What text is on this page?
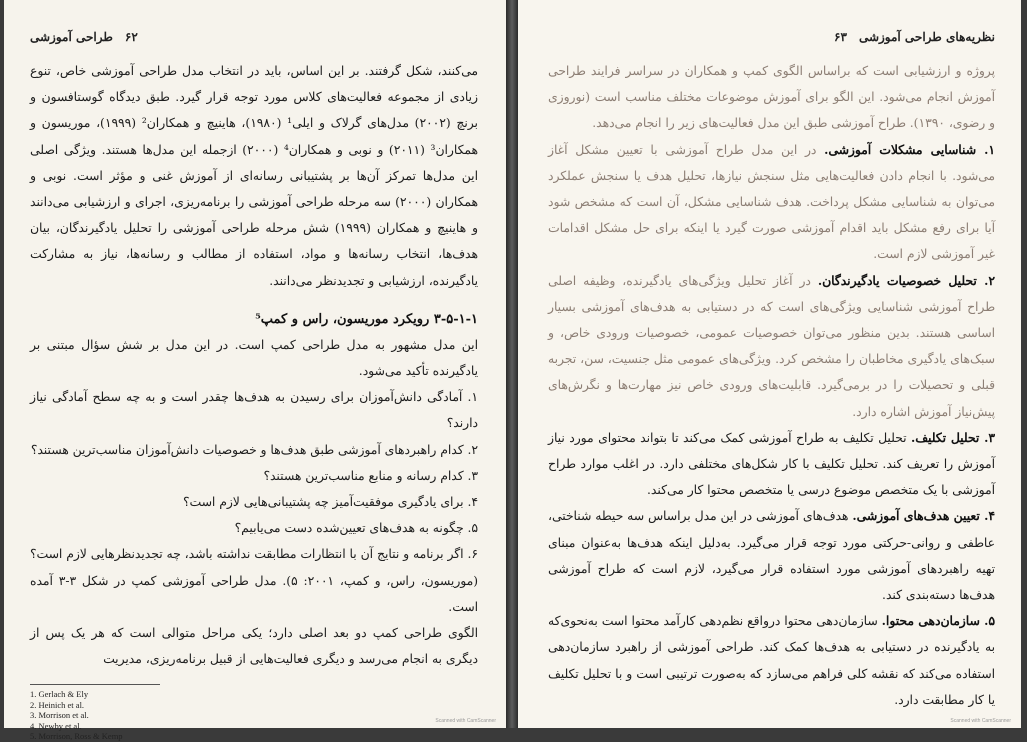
۶۲
طراحی آموزشی

می‌کنند، شکل گرفتند. بر این اساس، باید در انتخاب مدل طراحی آموزشی خاص، تنوع زیادی از مجموعه فعالیت‌های کلاس مورد توجه قرار گیرد. طبق دیدگاه گوستافسون و برنچ (۲۰۰۲) مدل‌های گرلاک و ایلی¹ (۱۹۸۰)، هاینیچ و همکاران² (۱۹۹۹)، موریسون و همکاران³ (۲۰۱۱) و نوبی و همکاران⁴ (۲۰۰۰) ازجمله این مدل‌ها هستند. ویژگی اصلی این مدل‌ها تمرکز آن‌ها بر پشتیبانی رسانه‌ای از آموزش غنی و مؤثر است. نوبی و همکاران (۲۰۰۰) سه مرحله طراحی آموزشی را برنامه‌ریزی، اجرای و ارزشیابی می‌دانند و هاینیچ و همکاران (۱۹۹۹) شش مرحله طراحی آموزشی را تحلیل یادگیرندگان، بیان هدف‌ها، انتخاب رسانه‌ها و مواد، استفاده از مطالب و رسانه‌ها، نیاز به مشارکت یادگیرنده، ارزشیابی و تجدیدنظر می‌دانند.

۳-۵-۱-۱ رویکرد موریسون، راس و کمپ⁵

این مدل مشهور به مدل طراحی کمپ است. در این مدل بر شش سؤال مبتنی بر یادگیرنده تأکید می‌شود.

۱. آمادگی دانش‌آموزان برای رسیدن به هدف‌ها چقدر است و به چه سطح آمادگی نیاز دارند؟
۲. کدام راهبردهای آموزشی طبق هدف‌ها و خصوصیات دانش‌آموزان مناسب‌ترین هستند؟
۳. کدام رسانه و منابع مناسب‌ترین هستند؟
۴. برای یادگیری موفقیت‌آمیز چه پشتیبانی‌هایی لازم است؟
۵. چگونه به هدف‌های تعیین‌شده دست می‌یابیم؟
۶. اگر برنامه و نتایج آن با انتظارات مطابقت نداشته باشد، چه تجدیدنظرهایی لازم است؟ (موریسون، راس، و کمپ، ۲۰۰۱: ۵). مدل طراحی آموزشی کمپ در شکل ۳-۳ آمده است.

الگوی طراحی کمپ دو بعد اصلی دارد؛ یکی مراحل متوالی است که هر یک پس از دیگری به انجام می‌رسد و دیگری فعالیت‌هایی از قبیل برنامه‌ریزی، مدیریت

1. Gerlach & Ely
2. Heinich et al.
3. Morrison et al.
4. Newby et al.
5. Morrison, Ross & Kemp
Scanned with CamScanner
نظریه‌های طراحی آموزشی
۶۳

پروژه و ارزشیابی است که براساس الگوی کمپ و همکاران در سراسر فرایند طراحی آموزش انجام می‌شود. این الگو برای آموزش موضوعات مختلف مناسب است (نوروزی و رضوی، ۱۳۹۰). طراح آموزشی طبق این مدل فعالیت‌های زیر را انجام می‌دهد.

۱. شناسایی مشکلات آموزشی. در این مدل طراح آموزشی با تعیین مشکل آغاز می‌شود. با انجام دادن فعالیت‌هایی مثل سنجش نیازها، تحلیل هدف یا سنجش عملکرد می‌توان به شناسایی مشکل پرداخت. هدف شناسایی مشکل، آن است که مشخص شود آیا برای رفع مشکل باید اقدام آموزشی صورت گیرد یا اینکه برای حل مشکل اقدامات غیر آموزشی لازم است.
۲. تحلیل خصوصیات یادگیرندگان. در آغاز تحلیل ویژگی‌های یادگیرنده، وظیفه اصلی طراح آموزشی شناسایی ویژگی‌های است که در دستیابی به هدف‌های آموزشی بسیار اساسی هستند. بدین منظور می‌توان خصوصیات عمومی، خصوصیات ورودی خاص، و سبک‌های یادگیری مخاطبان را مشخص کرد. ویژگی‌های عمومی مثل جنسیت، سن، تجربه قبلی و تحصیلات را در برمی‌گیرد. قابلیت‌های ورودی خاص نیز مهارت‌ها و نگرش‌های پیش‌نیاز آموزش اشاره دارد.
۳. تحلیل تکلیف. تحلیل تکلیف به طراح آموزشی کمک می‌کند تا بتواند محتوای مورد نیاز آموزش را تعریف کند. تحلیل تکلیف با کار شکل‌های مختلفی دارد. در اغلب موارد طراح آموزشی با یک متخصص موضوع درسی یا متخصص محتوا کار می‌کند.
۴. تعیین هدف‌های آموزشی. هدف‌های آموزشی در این مدل براساس سه حیطه شناختی، عاطفی و روانی-حرکتی مورد توجه قرار می‌گیرد. به‌دلیل اینکه هدف‌ها به‌عنوان مبنای تهیه راهبردهای آموزشی مورد استفاده قرار می‌گیرد، لازم است که طراح آموزشی هدف‌ها دسته‌بندی کند.
۵. سازمان‌دهی محتوا. سازمان‌دهی محتوا درواقع نظم‌دهی کارآمد محتوا است به‌نحوی‌که به یادگیرنده در دستیابی به هدف‌ها کمک کند. طراحی آموزشی از راهبرد سازمان‌دهی استفاده می‌کند که نقشه کلی فراهم می‌سازد که به‌صورت ترتیبی است و با تحلیل تکلیف یا کار مطابقت دارد.
Scanned with CamScanner
